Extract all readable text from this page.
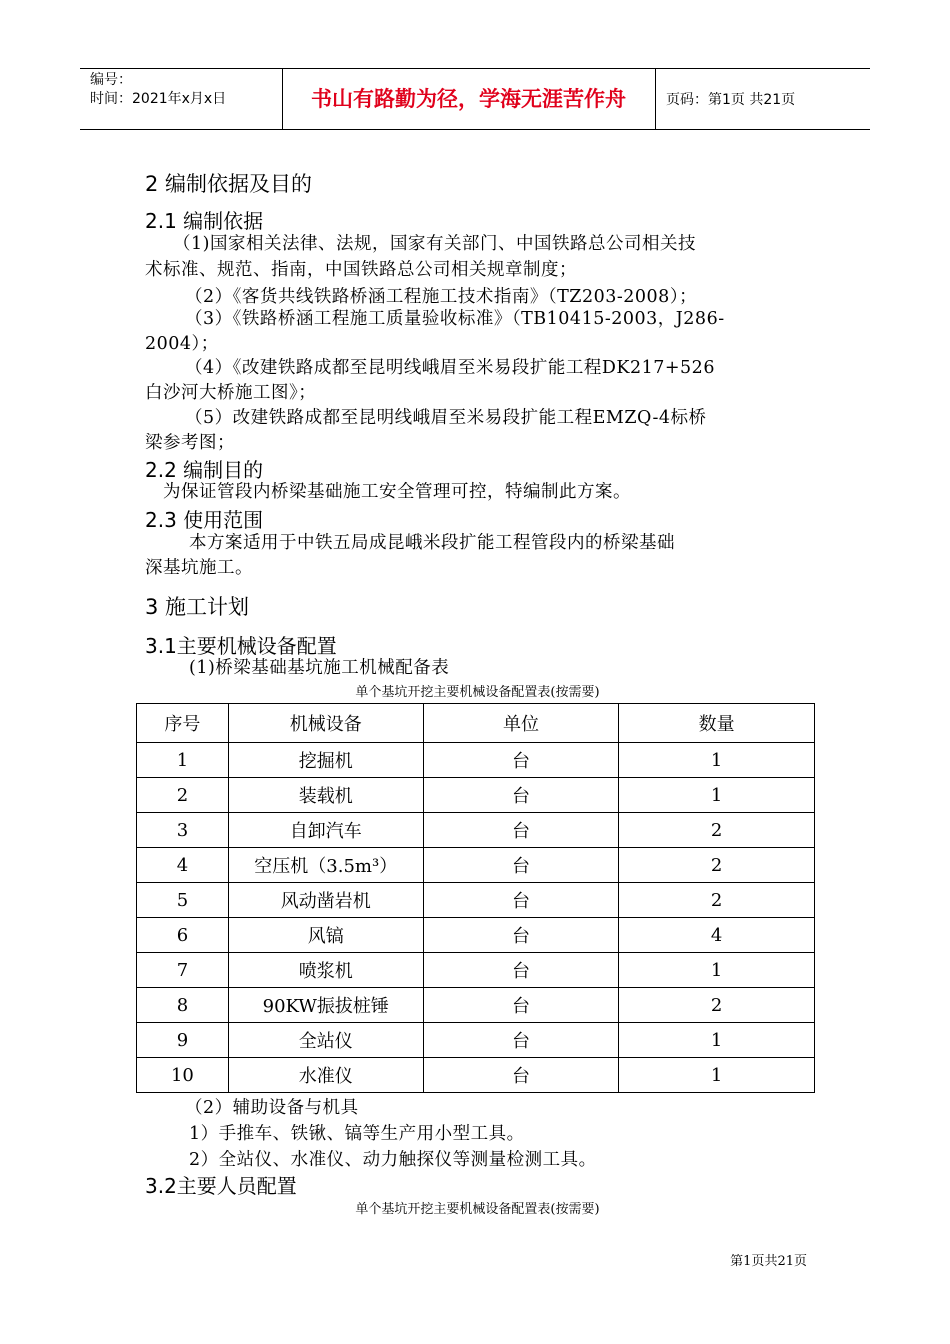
编号：
时间：2021年x月x日	书山有路勤为径，学海无涯苦作舟	页码：第1页 共21页
2 编制依据及目的
2.1 编制依据
（1)国家相关法律、法规，国家有关部门、中国铁路总公司相关技
术标准、规范、指南，中国铁路总公司相关规章制度；
（2）《客货共线铁路桥涵工程施工技术指南》（TZ203-2008）；
（3）《铁路桥涵工程施工质量验收标准》（TB10415-2003，J286-
2004）；
（4）《改建铁路成都至昆明线峨眉至米易段扩能工程DK217+526
白沙河大桥施工图》；
（5）改建铁路成都至昆明线峨眉至米易段扩能工程EMZQ-4标桥
梁参考图；
2.2 编制目的
为保证管段内桥梁基础施工安全管理可控，特编制此方案。
2.3 使用范围
本方案适用于中铁五局成昆峨米段扩能工程管段内的桥梁基础
深基坑施工。
3 施工计划
3.1主要机械设备配置
(1)桥梁基础基坑施工机械配备表
单个基坑开挖主要机械设备配置表(按需要)
序号	机械设备	单位	数量
1	挖掘机	台	1
2	装载机	台	1
3	自卸汽车	台	2
4	空压机（3.5m³）	台	2
5	风动凿岩机	台	2
6	风镐	台	4
7	喷浆机	台	1
8	90KW振拔桩锤	台	2
9	全站仪	台	1
10	水准仪	台	1
（2）辅助设备与机具
1）手推车、铁锹、镐等生产用小型工具。
2）全站仪、水准仪、动力触探仪等测量检测工具。
3.2主要人员配置
单个基坑开挖主要机械设备配置表(按需要)
第1页共21页
